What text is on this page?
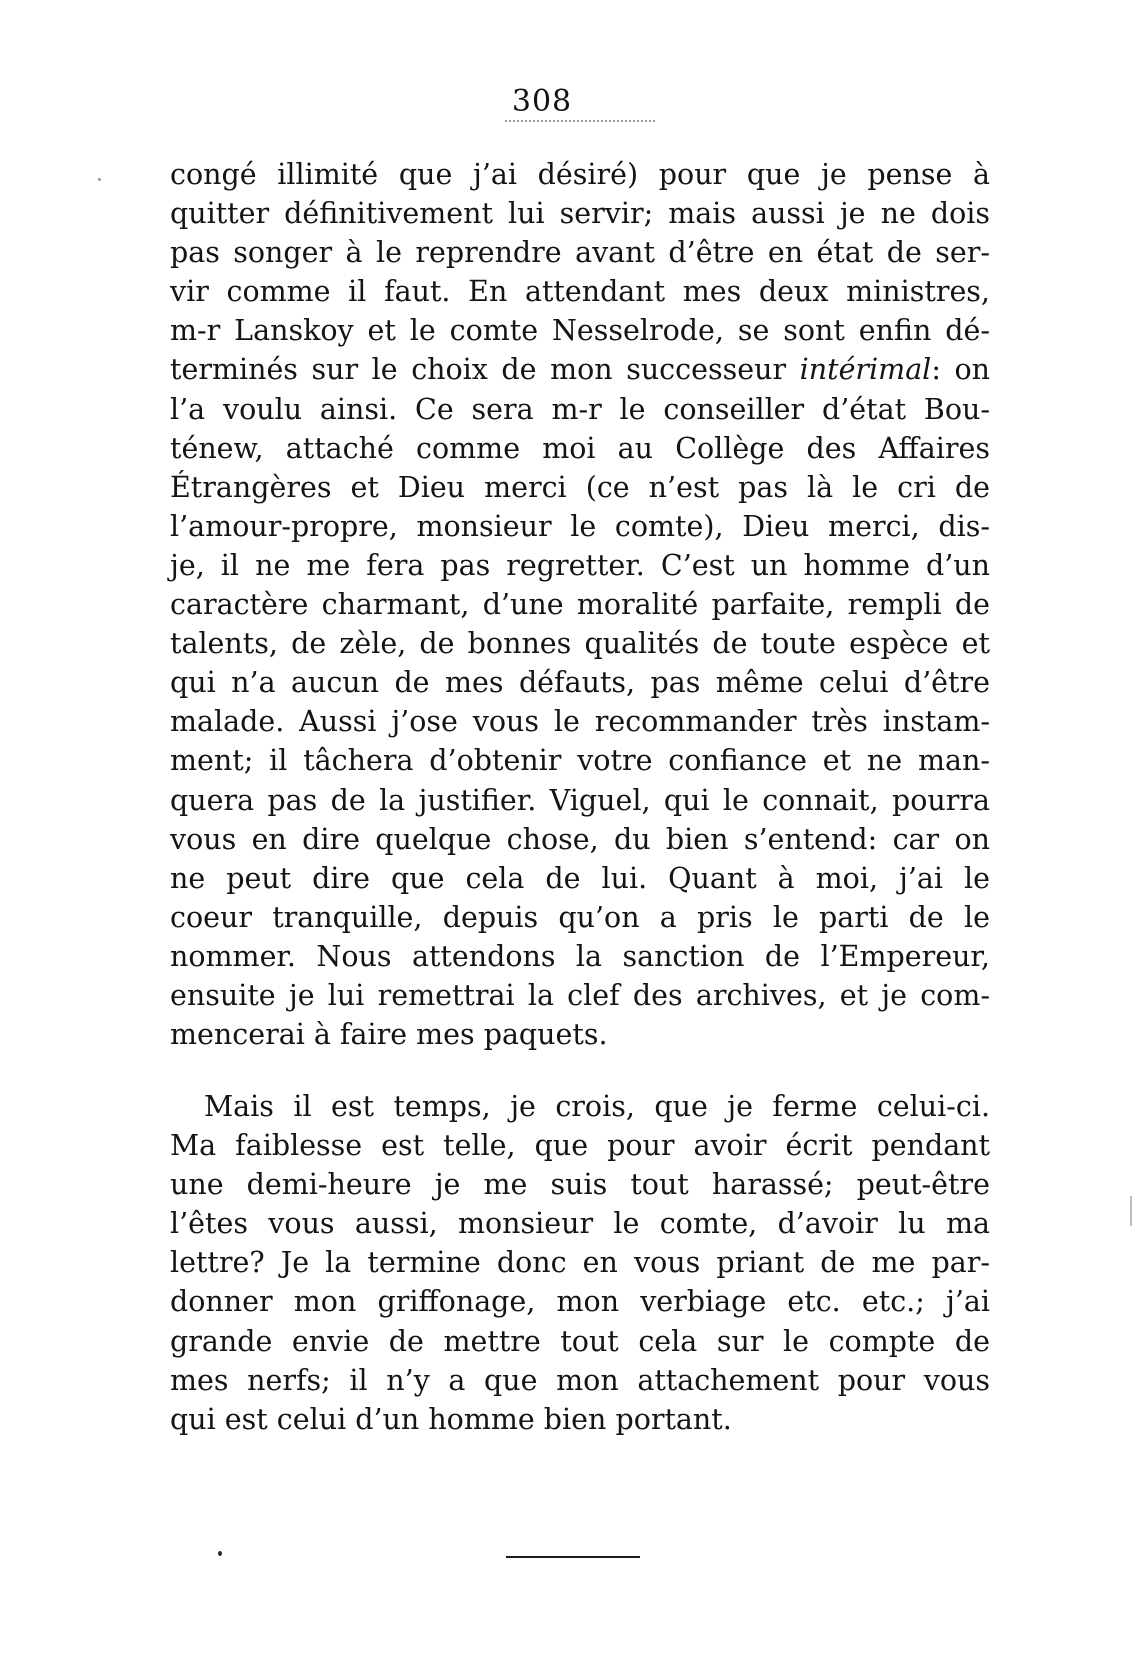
308
congé illimité que j’ai désiré) pour que je pense à
quitter définitivement lui servir; mais aussi je ne dois
pas songer à le reprendre avant d’être en état de ser-
vir comme il faut. En attendant mes deux ministres,
m-r Lanskoy et le comte Nesselrode, se sont enfin dé-
terminés sur le choix de mon successeur intérimal: on
l’a voulu ainsi. Ce sera m-r le conseiller d’état Bou-
ténew, attaché comme moi au Collège des Affaires
Étrangères et Dieu merci (ce n’est pas là le cri de
l’amour-propre, monsieur le comte), Dieu merci, dis-
je, il ne me fera pas regretter. C’est un homme d’un
caractère charmant, d’une moralité parfaite, rempli de
talents, de zèle, de bonnes qualités de toute espèce et
qui n’a aucun de mes défauts, pas même celui d’être
malade. Aussi j’ose vous le recommander très instam-
ment; il tâchera d’obtenir votre confiance et ne man-
quera pas de la justifier. Viguel, qui le connait, pourra
vous en dire quelque chose, du bien s’entend: car on
ne peut dire que cela de lui. Quant à moi, j’ai le
coeur tranquille, depuis qu’on a pris le parti de le
nommer. Nous attendons la sanction de l’Empereur,
ensuite je lui remettrai la clef des archives, et je com-
mencerai à faire mes paquets.
Mais il est temps, je crois, que je ferme celui-ci.
Ma faiblesse est telle, que pour avoir écrit pendant
une demi-heure je me suis tout harassé; peut-être
l’êtes vous aussi, monsieur le comte, d’avoir lu ma
lettre? Je la termine donc en vous priant de me par-
donner mon griffonage, mon verbiage etc. etc.; j’ai
grande envie de mettre tout cela sur le compte de
mes nerfs; il n’y a que mon attachement pour vous
qui est celui d’un homme bien portant.
